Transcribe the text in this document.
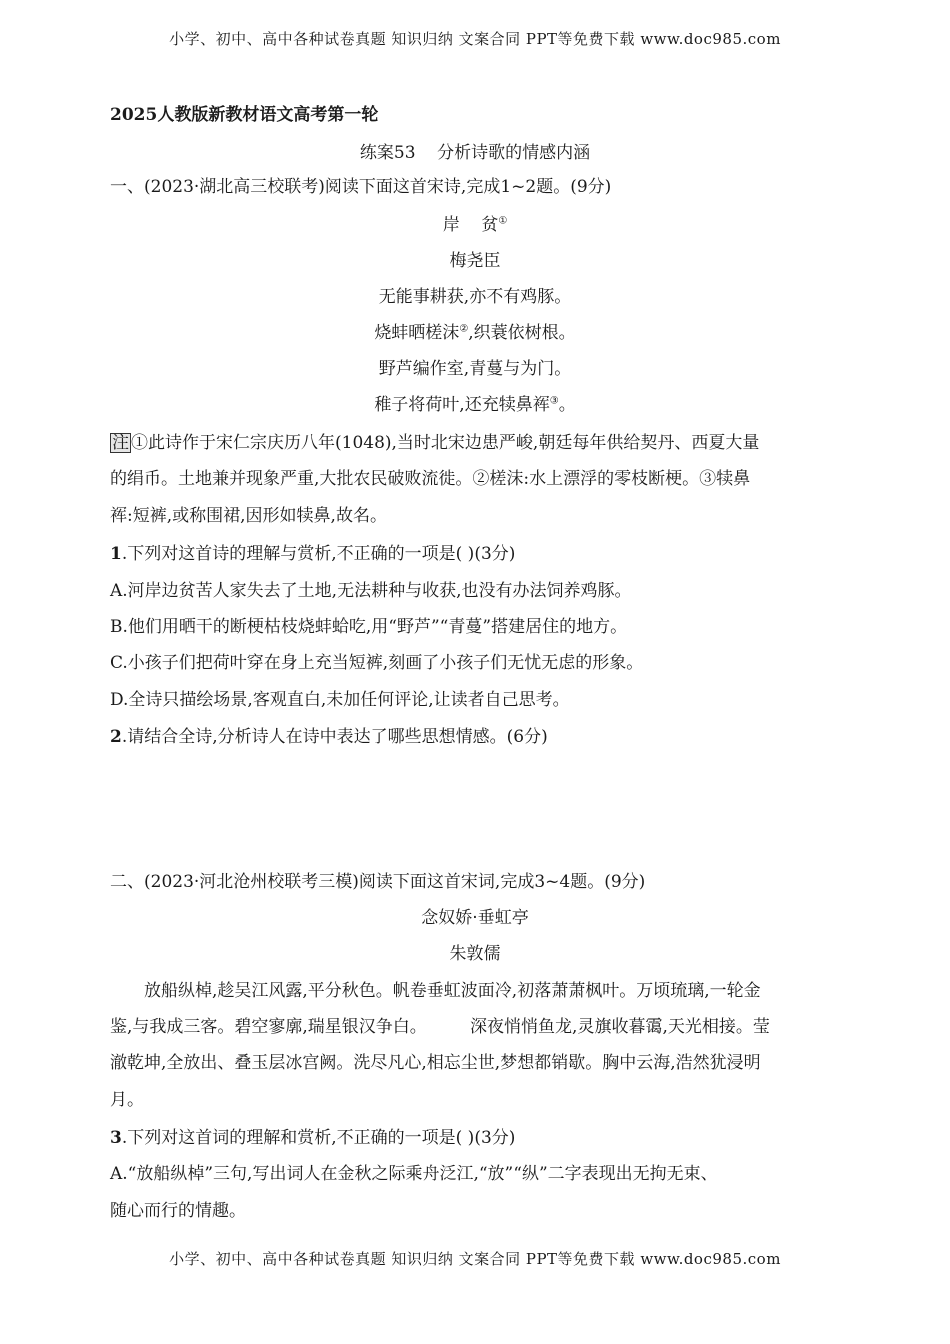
小学、初中、高中各种试卷真题 知识归纳 文案合同 PPT等免费下载 www.doc985.com
2025人教版新教材语文高考第一轮
练案53    分析诗歌的情感内涵
一、(2023·湖北高三校联考)阅读下面这首宋诗,完成1~2题。(9分)
岸    贫①
梅尧臣
无能事耕获,亦不有鸡豚。
烧蚌晒槎沫②,织蓑依树根。
野芦编作室,青蔓与为门。
稚子将荷叶,还充犊鼻裈③。
注 ①此诗作于宋仁宗庆历八年(1048),当时北宋边患严峻,朝廷每年供给契丹、西夏大量
的绢币。土地兼并现象严重,大批农民破败流徙。②槎沫:水上漂浮的零枝断梗。③犊鼻
裈:短裤,或称围裙,因形如犊鼻,故名。
1.下列对这首诗的理解与赏析,不正确的一项是( )(3分)
A.河岸边贫苦人家失去了土地,无法耕种与收获,也没有办法饲养鸡豚。
B.他们用晒干的断梗枯枝烧蚌蛤吃,用“野芦”“青蔓”搭建居住的地方。
C.小孩子们把荷叶穿在身上充当短裤,刻画了小孩子们无忧无虑的形象。
D.全诗只描绘场景,客观直白,未加任何评论,让读者自己思考。
2.请结合全诗,分析诗人在诗中表达了哪些思想情感。(6分)
二、(2023·河北沧州校联考三模)阅读下面这首宋词,完成3~4题。(9分)
念奴娇·垂虹亭
朱敦儒
放船纵棹,趁吴江风露,平分秋色。帆卷垂虹波面冷,初落萧萧枫叶。万顷琉璃,一轮金
鉴,与我成三客。碧空寥廓,瑞星银汉争白。        深夜悄悄鱼龙,灵旗收暮霭,天光相接。莹
澈乾坤,全放出、叠玉层冰宫阙。洗尽凡心,相忘尘世,梦想都销歇。胸中云海,浩然犹浸明
月。
3.下列对这首词的理解和赏析,不正确的一项是( )(3分)
A.“放船纵棹”三句,写出词人在金秋之际乘舟泛江,“放”“纵”二字表现出无拘无束、
随心而行的情趣。
小学、初中、高中各种试卷真题 知识归纳 文案合同 PPT等免费下载 www.doc985.com
